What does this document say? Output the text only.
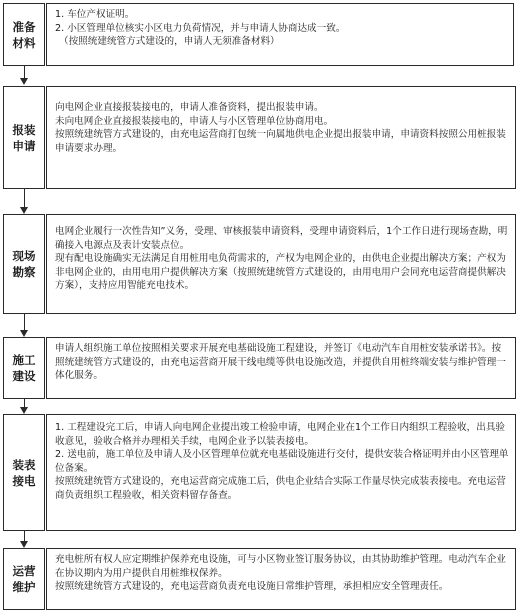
准备
材料

1. 车位产权证明。

2. 小区管理单位核实小区电力负荷情况，并与申请人协商达成一致。

（按照统建统管方式建设的，申请人无须准备材料）

报装
申请

向电网企业直接报装接电的，申请人准备资料，提出报装申请。

未向电网企业直接报装接电的，申请人与小区管理单位协商用电。

按照统建统管方式建设的，由充电运营商打包统一向属地供电企业提出报装申请，申请资料按照公用桩报装申请要求办理。

现场
勘察

电网企业履行一次性告知”义务，受理、审核报装申请资料，受理申请资料后，1个工作日进行现场查勘，明确接入电源点及表计安装点位。

现有配电设施确实无法满足自用桩用电负荷需求的，产权为电网企业的，由供电企业提出解决方案；产权为非电网企业的，由用电用户提供解决方案（按照统建统管方式建设的，由用电用户会同充电运营商提供解决方案），支持应用智能充电技术。

施工
建设

申请人组织施工单位按照相关要求开展充电基础设施工程建设，并签订《电动汽车自用桩安装承诺书》。按照统建统管方式建设的，由充电运营商开展干线电缆等供电设施改造，并提供自用桩终端安装与维护管理一体化服务。

装表
接电

1. 工程建设完工后，申请人向电网企业提出竣工检验申请，电网企业在1个工作日内组织工程验收，出具验收意见，验收合格并办理相关手续，电网企业予以装表接电。

2. 送电前，施工单位及申请人及小区管理单位就充电基础设施进行交付，提供安装合格证明并由小区管理单位备案。

按照统建统管方式建设的，充电运营商完成施工后，供电企业结合实际工作量尽快完成装表接电。充电运营商负责组织工程验收，相关资料留存备查。

运营
维护

充电桩所有权人应定期维护保养充电设施，可与小区物业签订服务协议，由其协助维护管理。电动汽车企业在协议期内为用户提供自用桩维权保养。

按照统建统管方式建设的，充电运营商负责充电设施日常维护管理，承担相应安全管理责任。
